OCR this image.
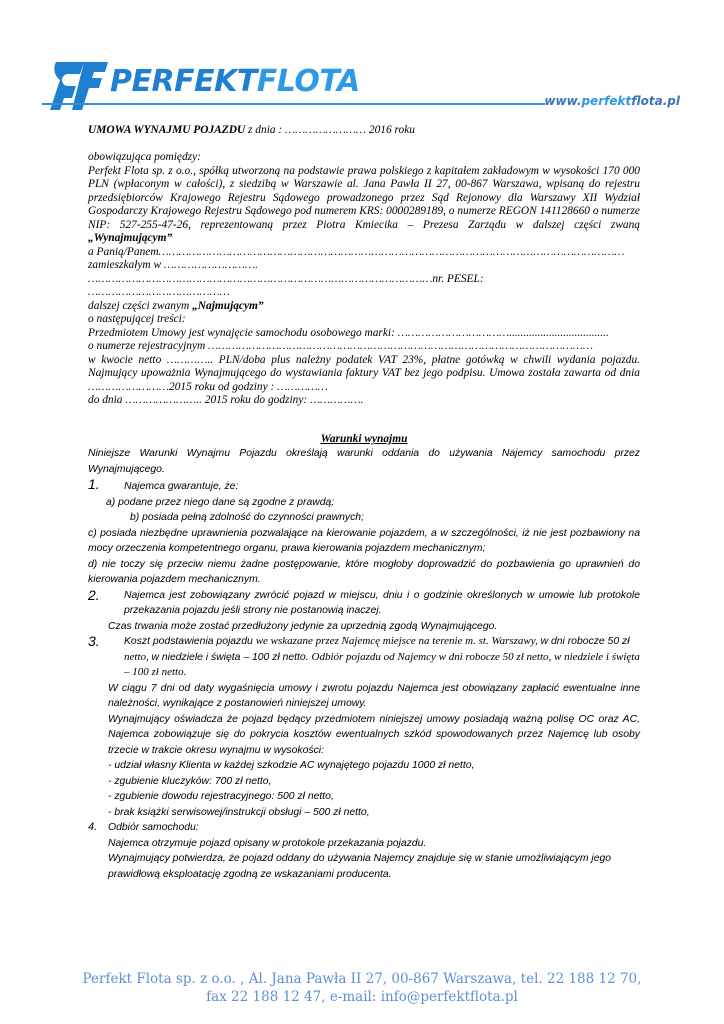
PERFEKTFLOTA
www.perfektflota.pl
UMOWA WYNAJMU POJAZDU z dnia : …………………… 2016 roku

obowiązująca pomiędzy:

Perfekt Flota sp. z o.o., spółką utworzoną na podstawie prawa polskiego z kapitałem zakładowym w wysokości 170 000 PLN (wpłaconym w całości), z siedzibą w Warszawie al. Jana Pawła II 27, 00-867 Warszawa, wpisaną do rejestru przedsiębiorców Krajowego Rejestru Sądowego prowadzonego przez Sąd Rejonowy dla Warszawy XII Wydział Gospodarczy Krajowego Rejestru Sądowego pod numerem KRS: 0000289189, o numerze REGON 141128660 o numerze NIP: 527-255-47-26, reprezentowaną przez Piotra Kmiecika – Prezesa Zarządu w dalszej części zwaną „Wynajmującym”

a Panią/Panem…………………………………………………………………………………………………………………………

zamieszkałym w ……………………….

…………………………………………………………………………………………nr. PESEL:

……………………………………

dalszej części zwanym „Najmującym”

o następującej treści:

Przedmiotem Umowy jest wynajęcie samochodu osobowego marki: ……………………………...................................

o numerze rejestracyjnym ……………………………………………………………………………………………………

w kwocie netto ………….. PLN/doba plus należny podatek VAT 23%, płatne gotówką w chwili wydania pojazdu. Najmujący upoważnia Wynajmującego do wystawiania faktury VAT bez jego podpisu. Umowa została zawarta od dnia ……………………2015 roku od godziny : ……………

do dnia ………………….. 2015 roku do godziny: …………….

Warunki wynajmu

Niniejsze Warunki Wynajmu Pojazdu określają warunki oddania do używania Najemcy samochodu przez Wynajmującego.

1. Najemca gwarantuje, że:

a) podane przez niego dane są zgodne z prawdą;

b) posiada pełną zdolność do czynności prawnych;

c) posiada niezbędne uprawnienia pozwalające na kierowanie pojazdem, a w szczególności, iż nie jest pozbawiony na mocy orzeczenia kompetentnego organu, prawa kierowania pojazdem mechanicznym;

d) nie toczy się przeciw niemu żadne postępowanie, które mogłoby doprowadzić do pozbawienia go uprawnień do kierowania pojazdem mechanicznym.

2.	Najemca jest zobowiązany zwrócić pojazd w miejscu, dniu i o godzinie określonych w umowie lub protokole przekazania pojazdu jeśli strony nie postanowią inaczej.

Czas trwania może zostać przedłużony jedynie za uprzednią zgodą Wynajmującego.

3.	Koszt podstawienia pojazdu we wskazane przez Najemcę miejsce na terenie m. st. Warszawy, w dni robocze 50 zł netto, w niedziele i święta – 100 zł netto. Odbiór pojazdu od Najemcy w dni robocze 50 zł netto, w niedziele i święta – 100 zł netto.

W ciągu 7 dni od daty wygaśnięcia umowy i zwrotu pojazdu Najemca jest obowiązany zapłacić ewentualne inne należności, wynikające z postanowień niniejszej umowy.

Wynajmujący oświadcza że pojazd będący przedmiotem niniejszej umowy posiadają ważną polisę OC oraz AC, Najemca zobowiązuje się do pokrycia kosztów ewentualnych szkód spowodowanych przez Najemcę lub osoby trzecie w trakcie okresu wynajmu w wysokości:

- udział własny Klienta w każdej szkodzie AC wynajętego pojazdu 1000 zł netto,

- zgubienie kluczyków: 700 zł netto,

- zgubienie dowodu rejestracyjnego: 500 zł netto,

- brak książki serwisowej/instrukcji obsługi – 500 zł netto,

4. Odbiór samochodu:

Najemca otrzymuje pojazd opisany w protokole przekazania pojazdu.

Wynajmujący potwierdza, że pojazd oddany do używania Najemcy znajduje się w stanie umożliwiającym jego prawidłową eksploatację zgodną ze wskazaniami producenta.

Perfekt Flota sp. z o.o. , Al. Jana Pawła II 27, 00-867 Warszawa, tel. 22 188 12 70,
fax 22 188 12 47, e-mail: info@perfektflota.pl
